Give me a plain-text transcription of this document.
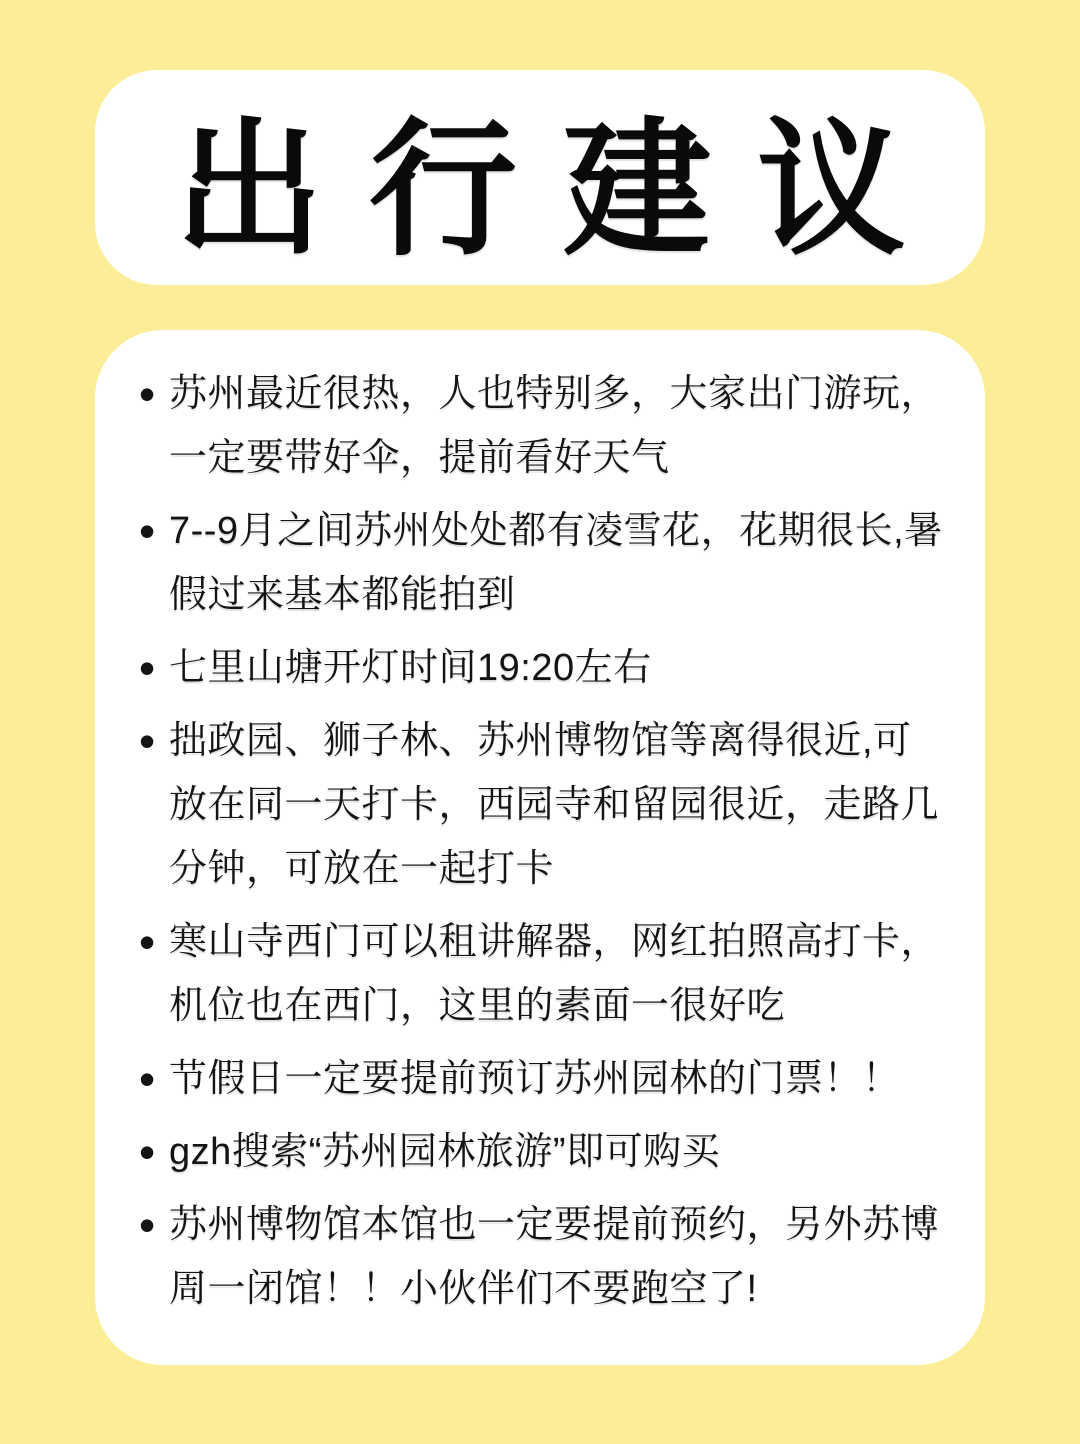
出行建议
• 苏州最近很热，人也特别多，大家出门游玩，一定要带好伞，提前看好天气
• 7--9月之间苏州处处都有凌雪花，花期很长,暑假过来基本都能拍到
• 七里山塘开灯时间19:20左右
• 拙政园、狮子林、苏州博物馆等离得很近,可放在同一天打卡，西园寺和留园很近，走路几分钟，可放在一起打卡
• 寒山寺西门可以租讲解器，网红拍照高打卡，机位也在西门，这里的素面一很好吃
• 节假日一定要提前预订苏州园林的门票！！
• gzh搜索“苏州园林旅游”即可购买
• 苏州博物馆本馆也一定要提前预约，另外苏博周一闭馆！！小伙伴们不要跑空了!
